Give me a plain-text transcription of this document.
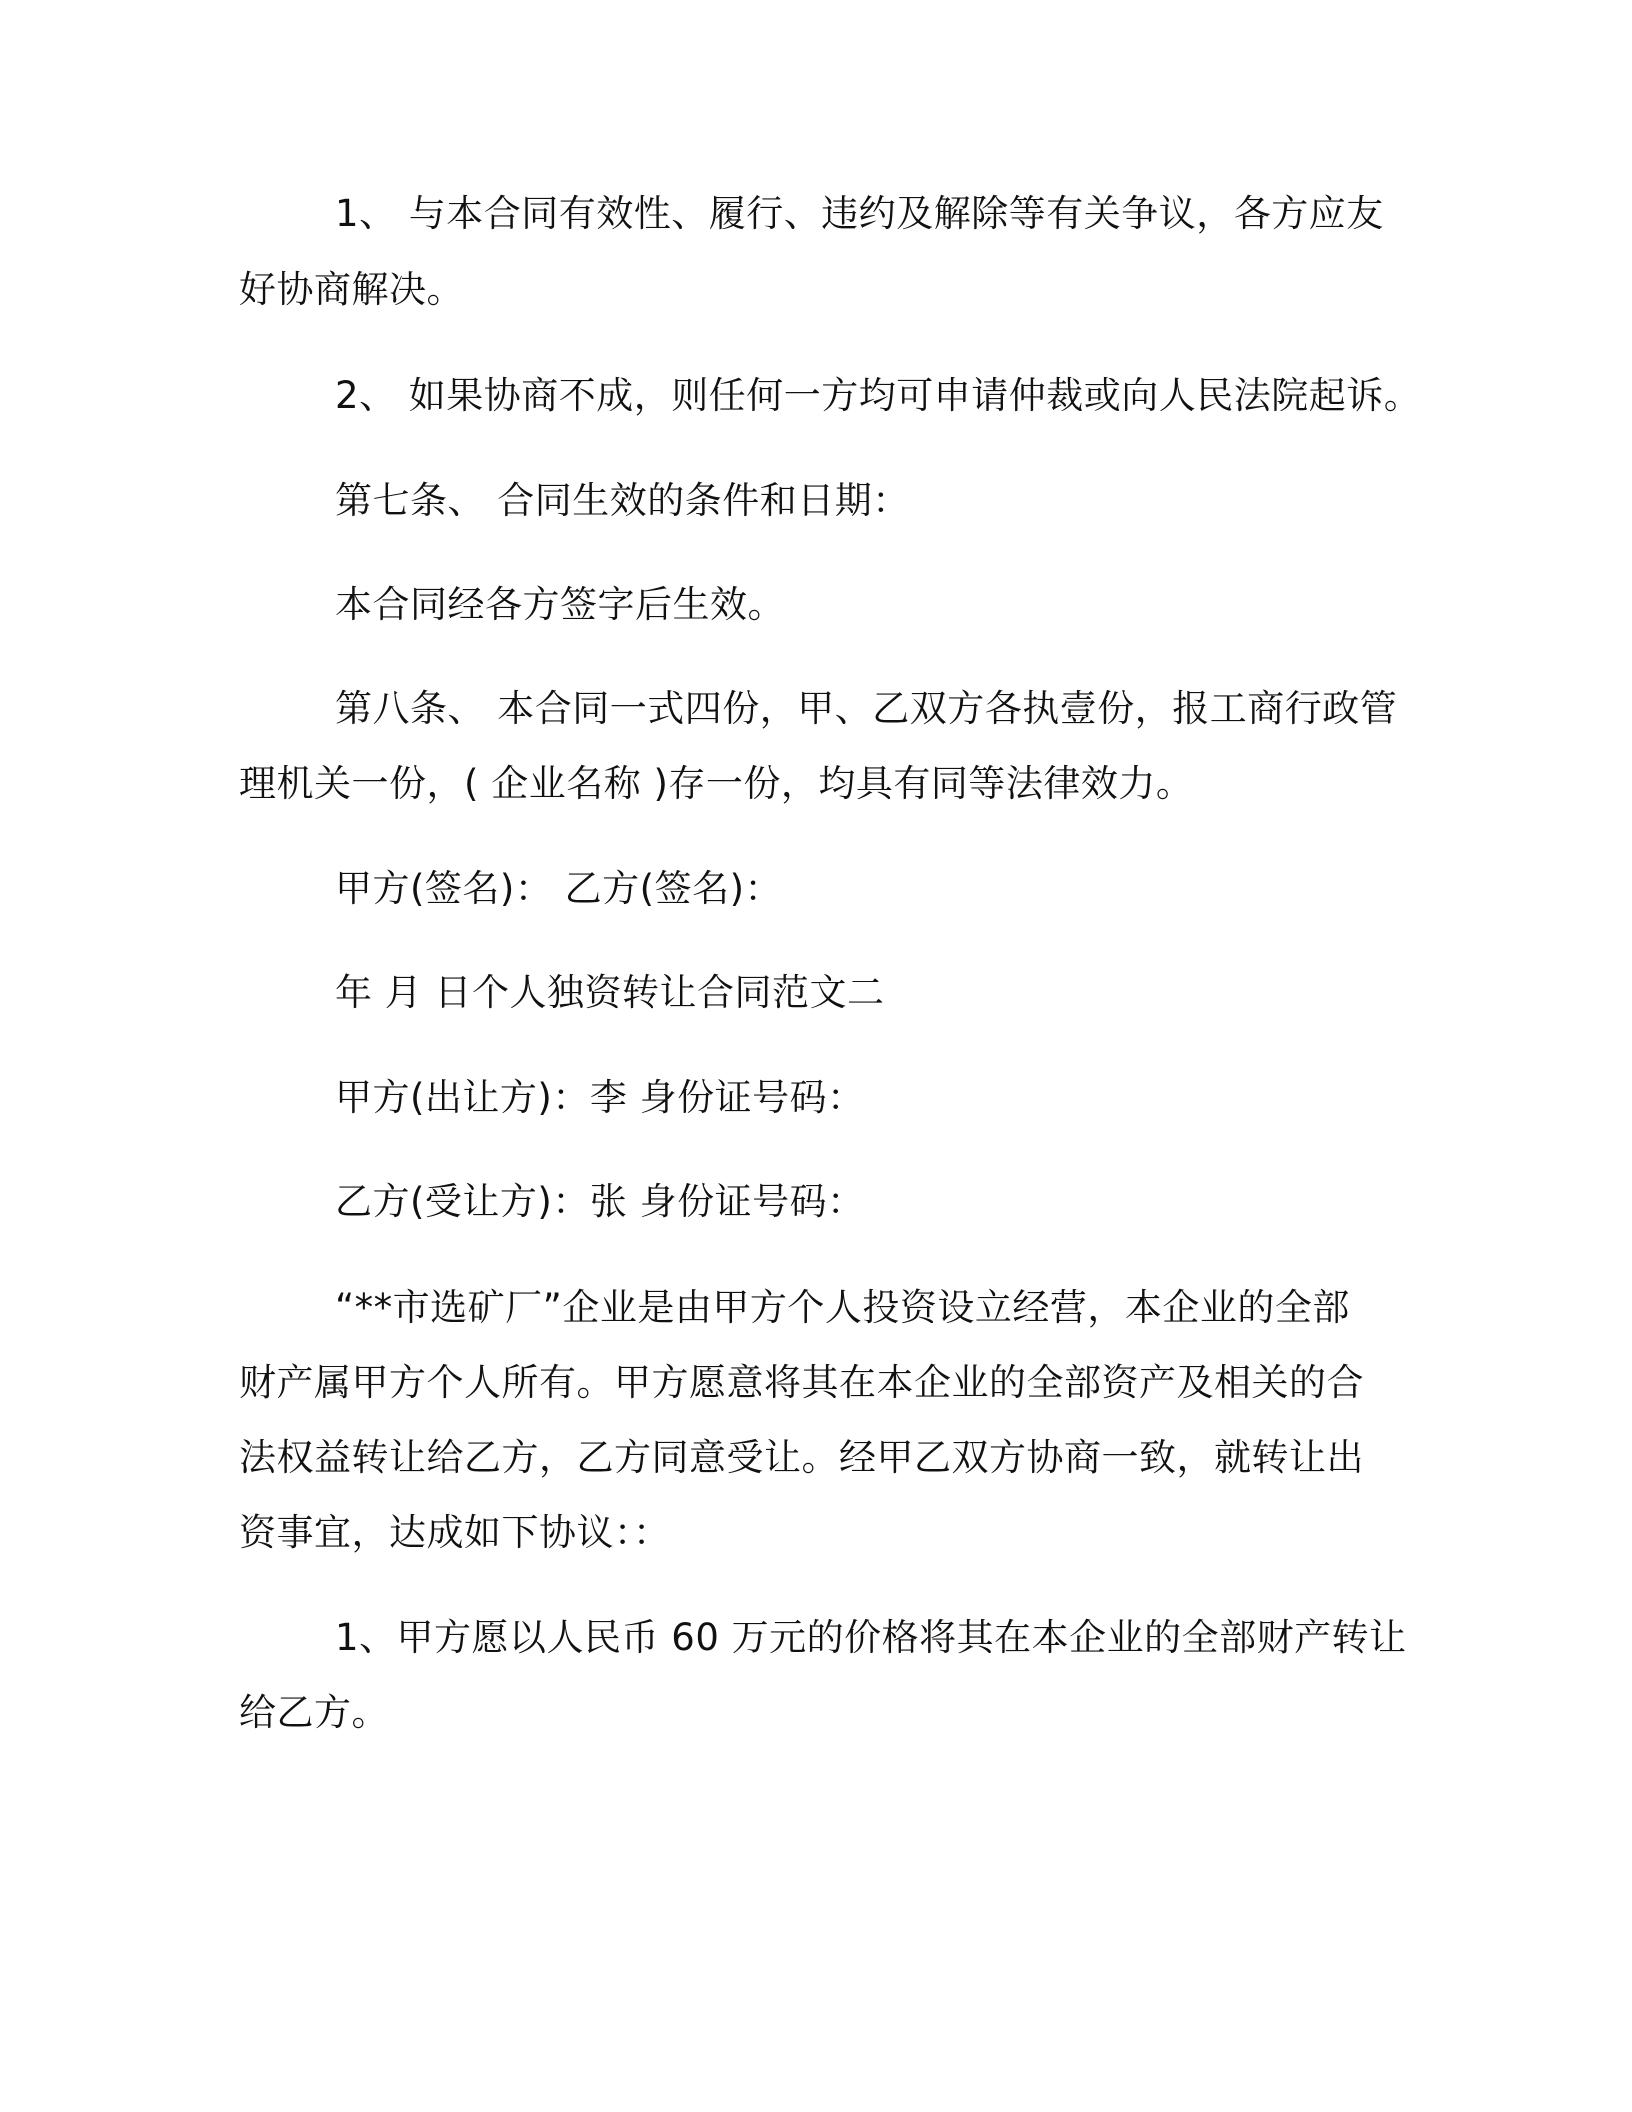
1、 与本合同有效性、履行、违约及解除等有关争议，各方应友

好协商解决。

2、 如果协商不成，则任何一方均可申请仲裁或向人民法院起诉。

第七条、 合同生效的条件和日期：

本合同经各方签字后生效。

第八条、 本合同一式四份，甲、乙双方各执壹份，报工商行政管

理机关一份，( 企业名称 )存一份，均具有同等法律效力。

甲方(签名)： 乙方(签名)：

年 月 日个人独资转让合同范文二

甲方(出让方)：李 身份证号码：

乙方(受让方)：张 身份证号码：

“**市选矿厂”企业是由甲方个人投资设立经营，本企业的全部

财产属甲方个人所有。甲方愿意将其在本企业的全部资产及相关的合

法权益转让给乙方，乙方同意受让。经甲乙双方协商一致，就转让出

资事宜，达成如下协议：：

1、甲方愿以人民币 60 万元的价格将其在本企业的全部财产转让

给乙方。
